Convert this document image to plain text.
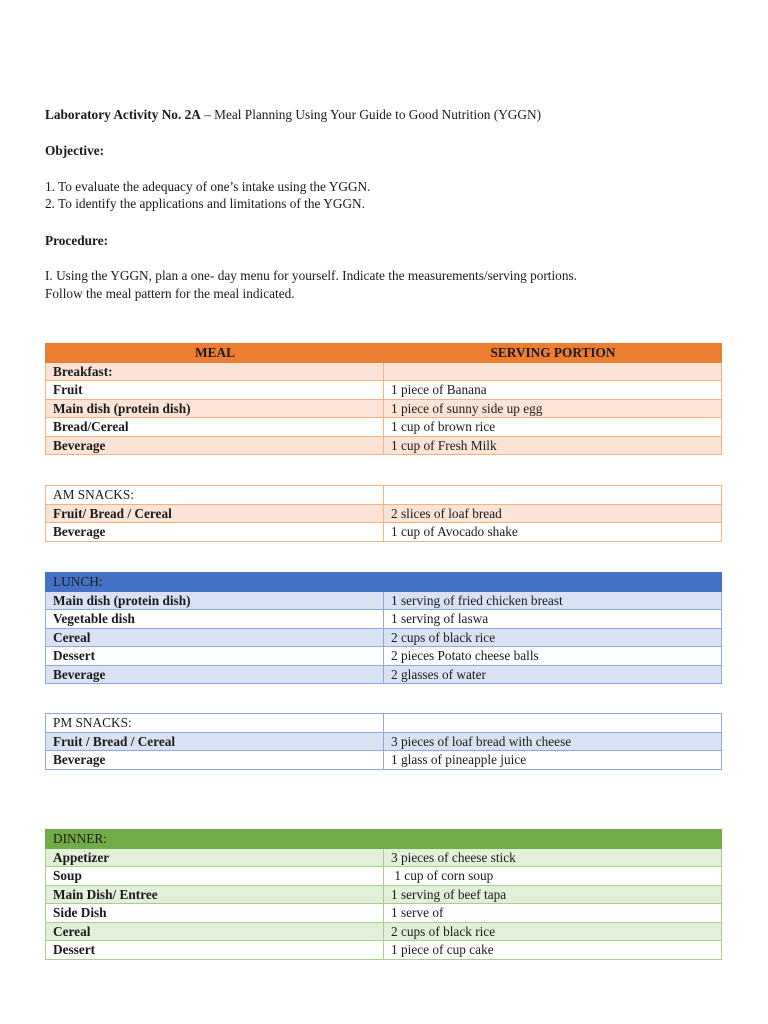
Laboratory Activity No. 2A – Meal Planning Using Your Guide to Good Nutrition (YGGN)
Objective:
1. To evaluate the adequacy of one’s intake using the YGGN.
2. To identify the applications and limitations of the YGGN.
Procedure:
I. Using the YGGN, plan a one- day menu for yourself. Indicate the measurements/serving portions.
Follow the meal pattern for the meal indicated.
MEAL	SERVING PORTION
Breakfast:	
Fruit	1 piece of Banana
Main dish (protein dish)	1 piece of sunny side up egg
Bread/Cereal	1 cup of brown rice
Beverage	1 cup of Fresh Milk
AM SNACKS:	
Fruit/ Bread / Cereal	2 slices of loaf bread
Beverage	1 cup of Avocado shake
LUNCH:	
Main dish (protein dish)	1 serving of fried chicken breast
Vegetable dish	1 serving of laswa
Cereal	2 cups of black rice
Dessert	2 pieces Potato cheese balls
Beverage	2 glasses of water
PM SNACKS:	
Fruit / Bread / Cereal	3 pieces of loaf bread with cheese
Beverage	1 glass of pineapple juice
DINNER:	
Appetizer	3 pieces of cheese stick
Soup	1 cup of corn soup
Main Dish/ Entree	1 serving of beef tapa
Side Dish	1 serve of
Cereal	2 cups of black rice
Dessert	1 piece of cup cake
